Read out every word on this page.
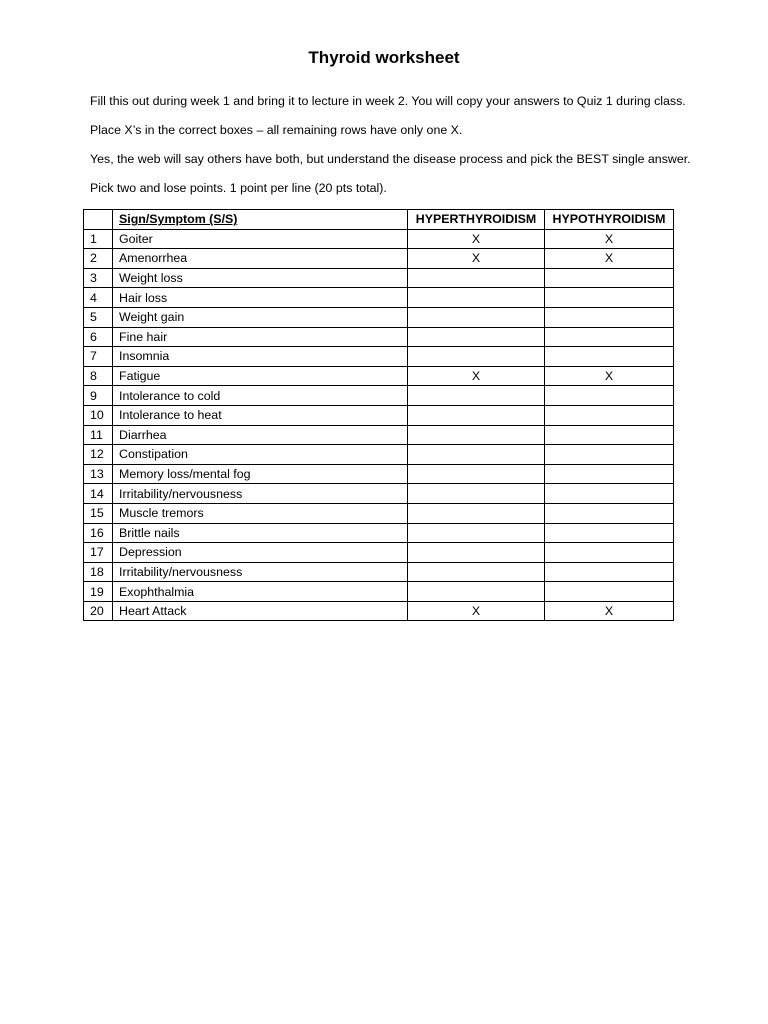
Thyroid worksheet
Fill this out during week 1 and bring it to lecture in week 2. You will copy your answers to Quiz 1 during class.
Place X’s in the correct boxes – all remaining rows have only one X.
Yes, the web will say others have both, but understand the disease process and pick the BEST single answer.
Pick two and lose points. 1 point per line (20 pts total).
	Sign/Symptom (S/S)	HYPERTHYROIDISM	HYPOTHYROIDISM
1	Goiter	X	X
2	Amenorrhea	X	X
3	Weight loss		
4	Hair loss		
5	Weight gain		
6	Fine hair		
7	Insomnia		
8	Fatigue	X	X
9	Intolerance to cold		
10	Intolerance to heat		
11	Diarrhea		
12	Constipation		
13	Memory loss/mental fog		
14	Irritability/nervousness		
15	Muscle tremors		
16	Brittle nails		
17	Depression		
18	Irritability/nervousness		
19	Exophthalmia		
20	Heart Attack	X	X
